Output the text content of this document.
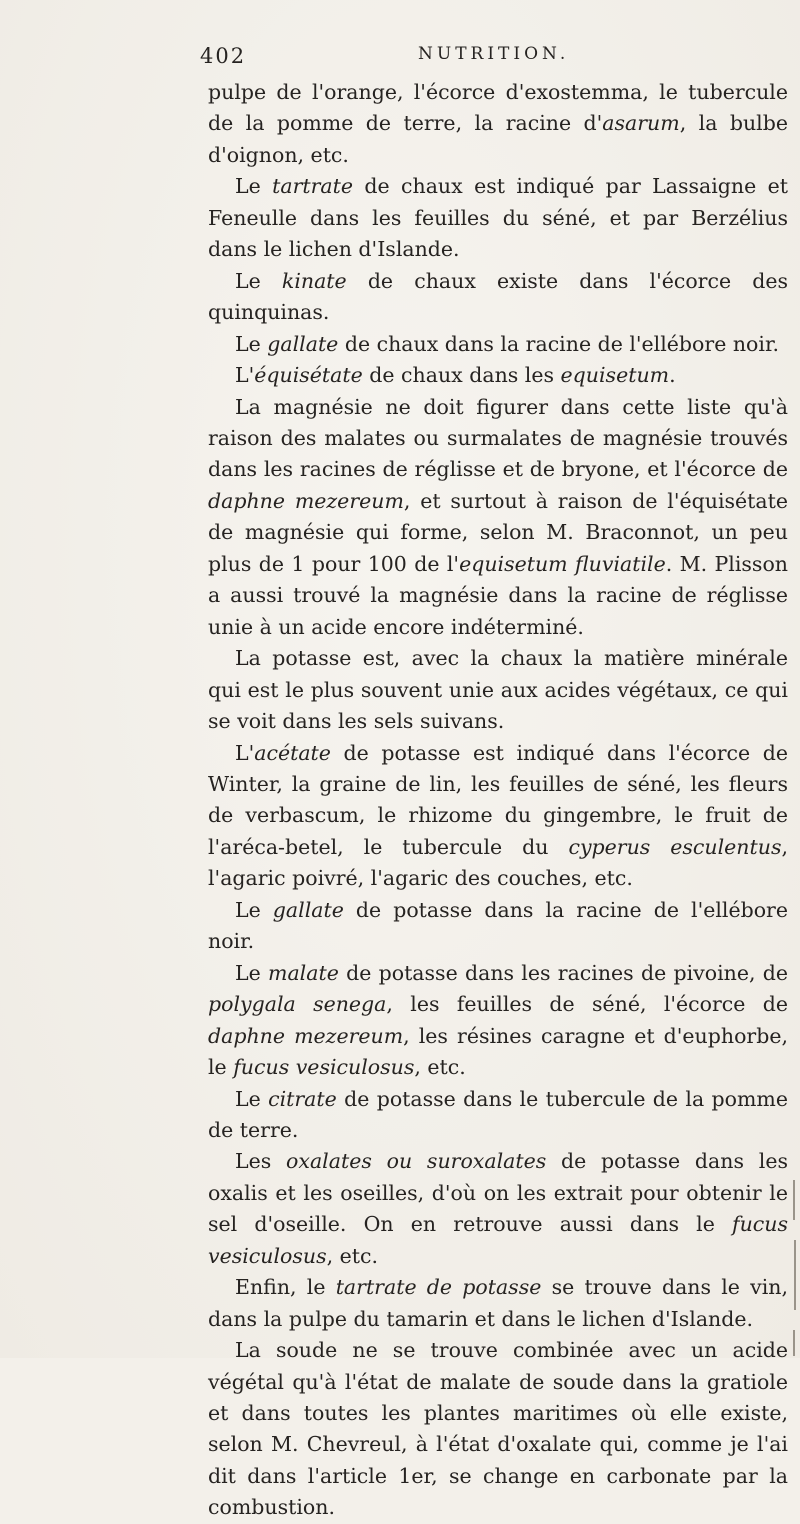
402	NUTRITION.

pulpe de l'orange, l'écorce d'exostemma, le tubercule de la pomme de terre, la racine d'asarum, la bulbe d'oignon, etc.

Le tartrate de chaux est indiqué par Lassaigne et Feneulle dans les feuilles du séné, et par Berzélius dans le lichen d'Islande.

Le kinate de chaux existe dans l'écorce des quinquinas.

Le gallate de chaux dans la racine de l'ellébore noir.

L'équisétate de chaux dans les equisetum.

La magnésie ne doit figurer dans cette liste qu'à raison des malates ou surmalates de magnésie trouvés dans les racines de réglisse et de bryone, et l'écorce de daphne mezereum, et surtout à raison de l'équisétate de magnésie qui forme, selon M. Braconnot, un peu plus de 1 pour 100 de l'equisetum fluviatile. M. Plisson a aussi trouvé la magnésie dans la racine de réglisse unie à un acide encore indéterminé.

La potasse est, avec la chaux la matière minérale qui est le plus souvent unie aux acides végétaux, ce qui se voit dans les sels suivans.

L'acétate de potasse est indiqué dans l'écorce de Winter, la graine de lin, les feuilles de séné, les fleurs de verbascum, le rhizome du gingembre, le fruit de l'aréca-betel, le tubercule du cyperus esculentus, l'agaric poivré, l'agaric des couches, etc.

Le gallate de potasse dans la racine de l'ellébore noir.

Le malate de potasse dans les racines de pivoine, de polygala senega, les feuilles de séné, l'écorce de daphne mezereum, les résines caragne et d'euphorbe, le fucus vesiculosus, etc.

Le citrate de potasse dans le tubercule de la pomme de terre.

Les oxalates ou suroxalates de potasse dans les oxalis et les oseilles, d'où on les extrait pour obtenir le sel d'oseille. On en retrouve aussi dans le fucus vesiculosus, etc.

Enfin, le tartrate de potasse se trouve dans le vin, dans la pulpe du tamarin et dans le lichen d'Islande.

La soude ne se trouve combinée avec un acide végétal qu'à l'état de malate de soude dans la gratiole et dans toutes les plantes maritimes où elle existe, selon M. Chevreul, à l'état d'oxalate qui, comme je l'ai dit dans l'article 1er, se change en carbonate par la combustion.
